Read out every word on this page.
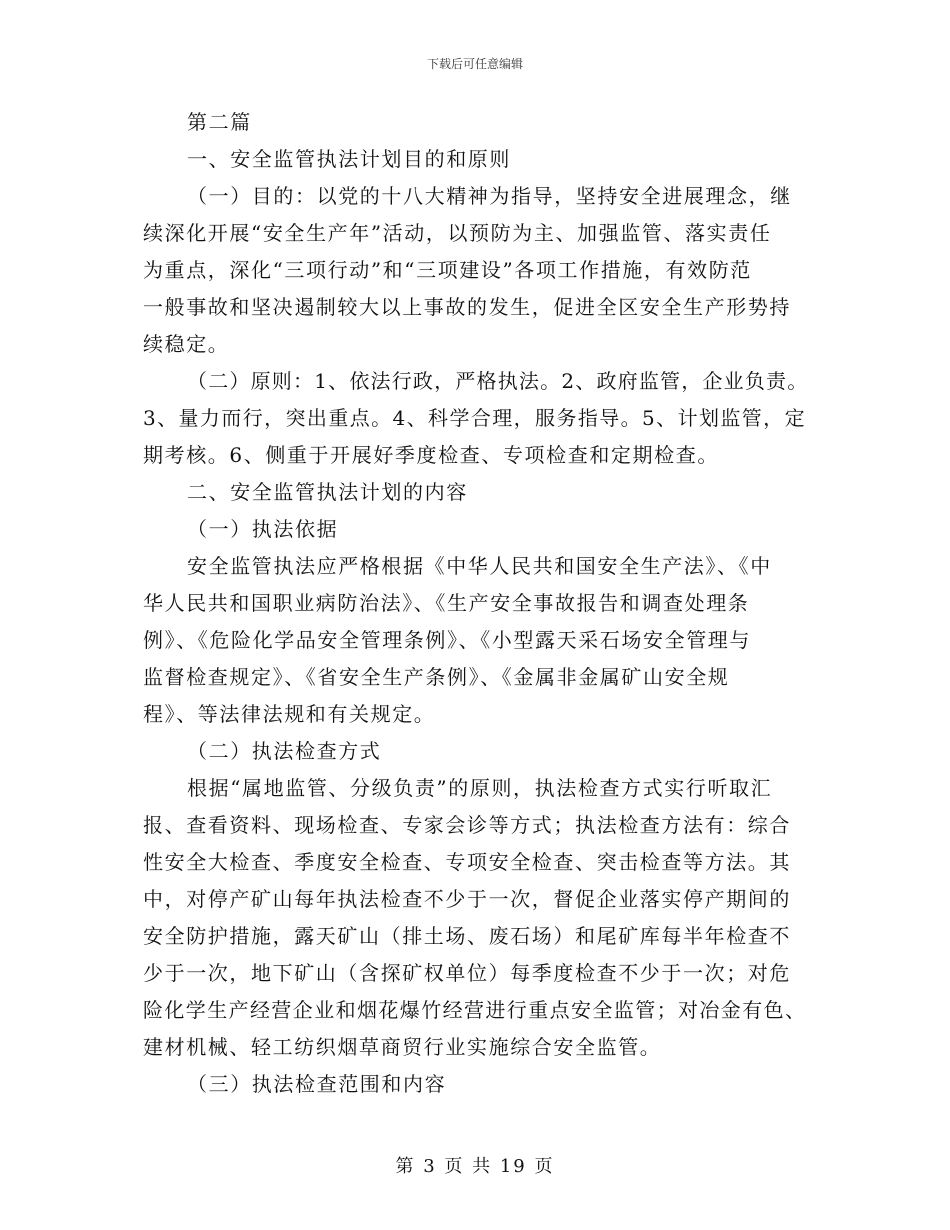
下载后可任意编辑
第二篇
一、安全监管执法计划目的和原则
（一）目的：以党的十八大精神为指导，坚持安全进展理念，继
续深化开展“安全生产年”活动，以预防为主、加强监管、落实责任
为重点，深化“三项行动”和“三项建设”各项工作措施，有效防范
一般事故和坚决遏制较大以上事故的发生，促进全区安全生产形势持
续稳定。
（二）原则：1、依法行政，严格执法。2、政府监管，企业负责。
3、量力而行，突出重点。4、科学合理，服务指导。5、计划监管，定
期考核。6、侧重于开展好季度检查、专项检查和定期检查。
二、安全监管执法计划的内容
（一）执法依据
安全监管执法应严格根据《中华人民共和国安全生产法》、《中
华人民共和国职业病防治法》、《生产安全事故报告和调查处理条
例》、《危险化学品安全管理条例》、《小型露天采石场安全管理与
监督检查规定》、《省安全生产条例》、《金属非金属矿山安全规
程》、等法律法规和有关规定。
（二）执法检查方式
根据“属地监管、分级负责”的原则，执法检查方式实行听取汇
报、查看资料、现场检查、专家会诊等方式；执法检查方法有：综合
性安全大检查、季度安全检查、专项安全检查、突击检查等方法。其
中，对停产矿山每年执法检查不少于一次，督促企业落实停产期间的
安全防护措施，露天矿山（排土场、废石场）和尾矿库每半年检查不
少于一次，地下矿山（含探矿权单位）每季度检查不少于一次；对危
险化学生产经营企业和烟花爆竹经营进行重点安全监管；对冶金有色、
建材机械、轻工纺织烟草商贸行业实施综合安全监管。
（三）执法检查范围和内容
第 3 页 共 19 页
